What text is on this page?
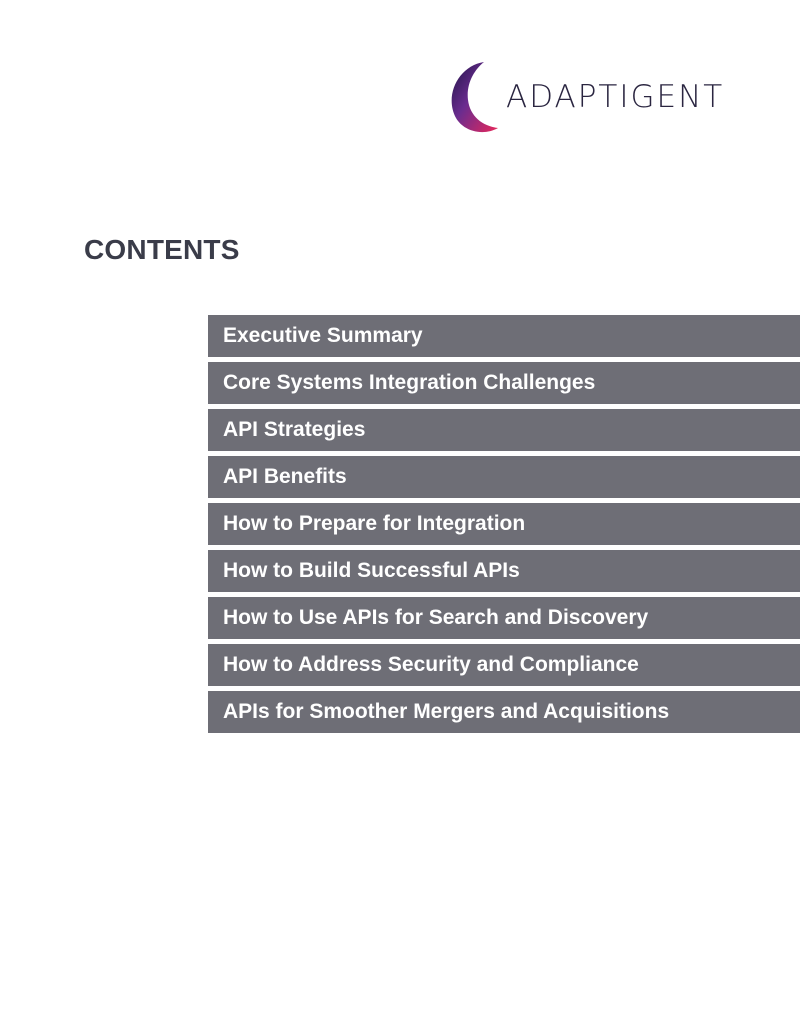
ADAPTIGENT
CONTENTS
Executive Summary
Core Systems Integration Challenges
API Strategies
API Benefits
How to Prepare for Integration
How to Build Successful APIs
How to Use APIs for Search and Discovery
How to Address Security and Compliance
APIs for Smoother Mergers and Acquisitions
